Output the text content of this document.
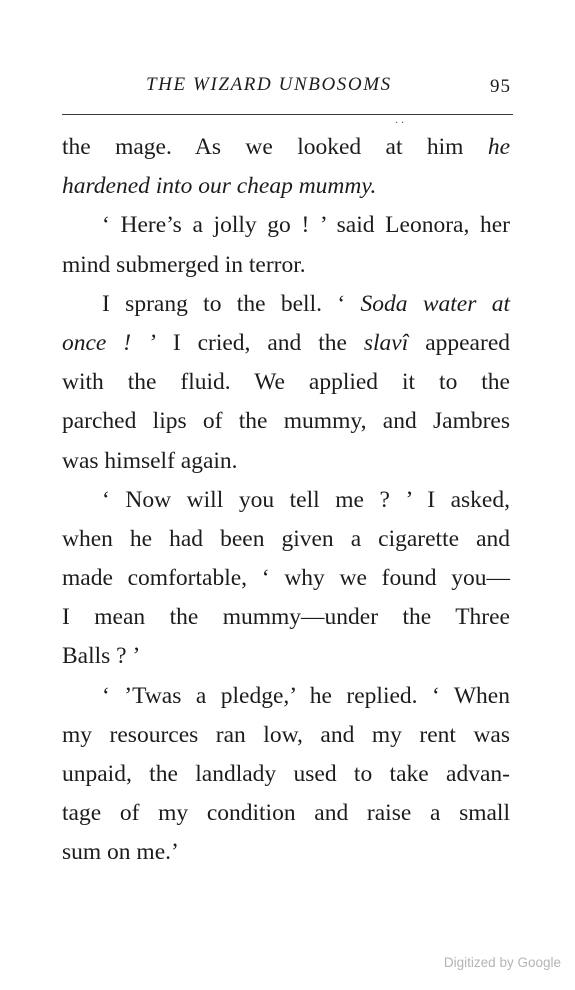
THE WIZARD UNBOSOMS	95
· ·
the mage. As we looked at him he
hardened into our cheap mummy.
‘ Here’s a jolly go ! ’ said Leonora, her
mind submerged in terror.
I sprang to the bell. ‘ Soda water at
once ! ’ I cried, and the slavî appeared
with the fluid. We applied it to the
parched lips of the mummy, and Jambres
was himself again.
‘ Now will you tell me ? ’ I asked,
when he had been given a cigarette and
made comfortable, ‘ why we found you—
I mean the mummy—under the Three
Balls ? ’
‘ ’Twas a pledge,’ he replied. ‘ When
my resources ran low, and my rent was
unpaid, the landlady used to take advan-
tage of my condition and raise a small
sum on me.’
Digitized by Google
